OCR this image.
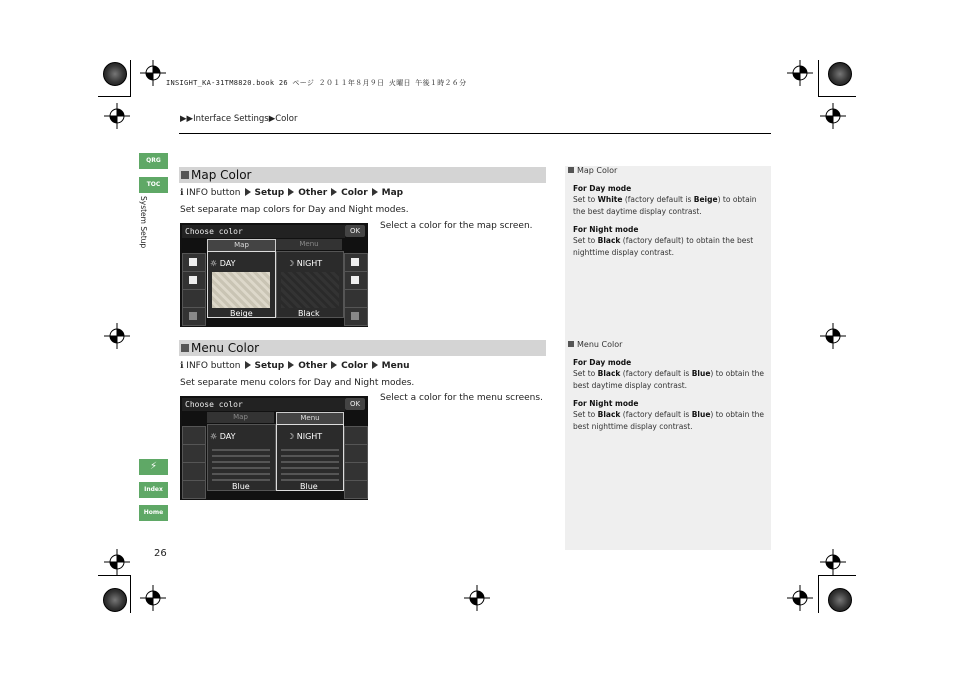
INSIGHT_KA-31TM8820.book 26 ページ ２０１１年８月９日 火曜日 午後１時２６分
▶▶Interface Settings▶Color
QRG
TOC
System Setup
⚡
Index
Home
Map Color
ℹ INFO button Setup Other Color Map
Set separate map colors for Day and Night modes.
Select a color for the map screen.
Choose color	OK
Map	Menu
☼ DAY	☽ NIGHT
Beige	Black
Menu Color
ℹ INFO button Setup Other Color Menu
Set separate menu colors for Day and Night modes.
Select a color for the menu screens.
Choose color	OK
Map	Menu
☼ DAY	☽ NIGHT
Blue	Blue
Map Color
For Day mode
Set to White (factory default is Beige) to obtain the best daytime display contrast.
For Night mode
Set to Black (factory default) to obtain the best nighttime display contrast.
Menu Color
For Day mode
Set to Black (factory default is Blue) to obtain the best daytime display contrast.
For Night mode
Set to Black (factory default is Blue) to obtain the best nighttime display contrast.
26
